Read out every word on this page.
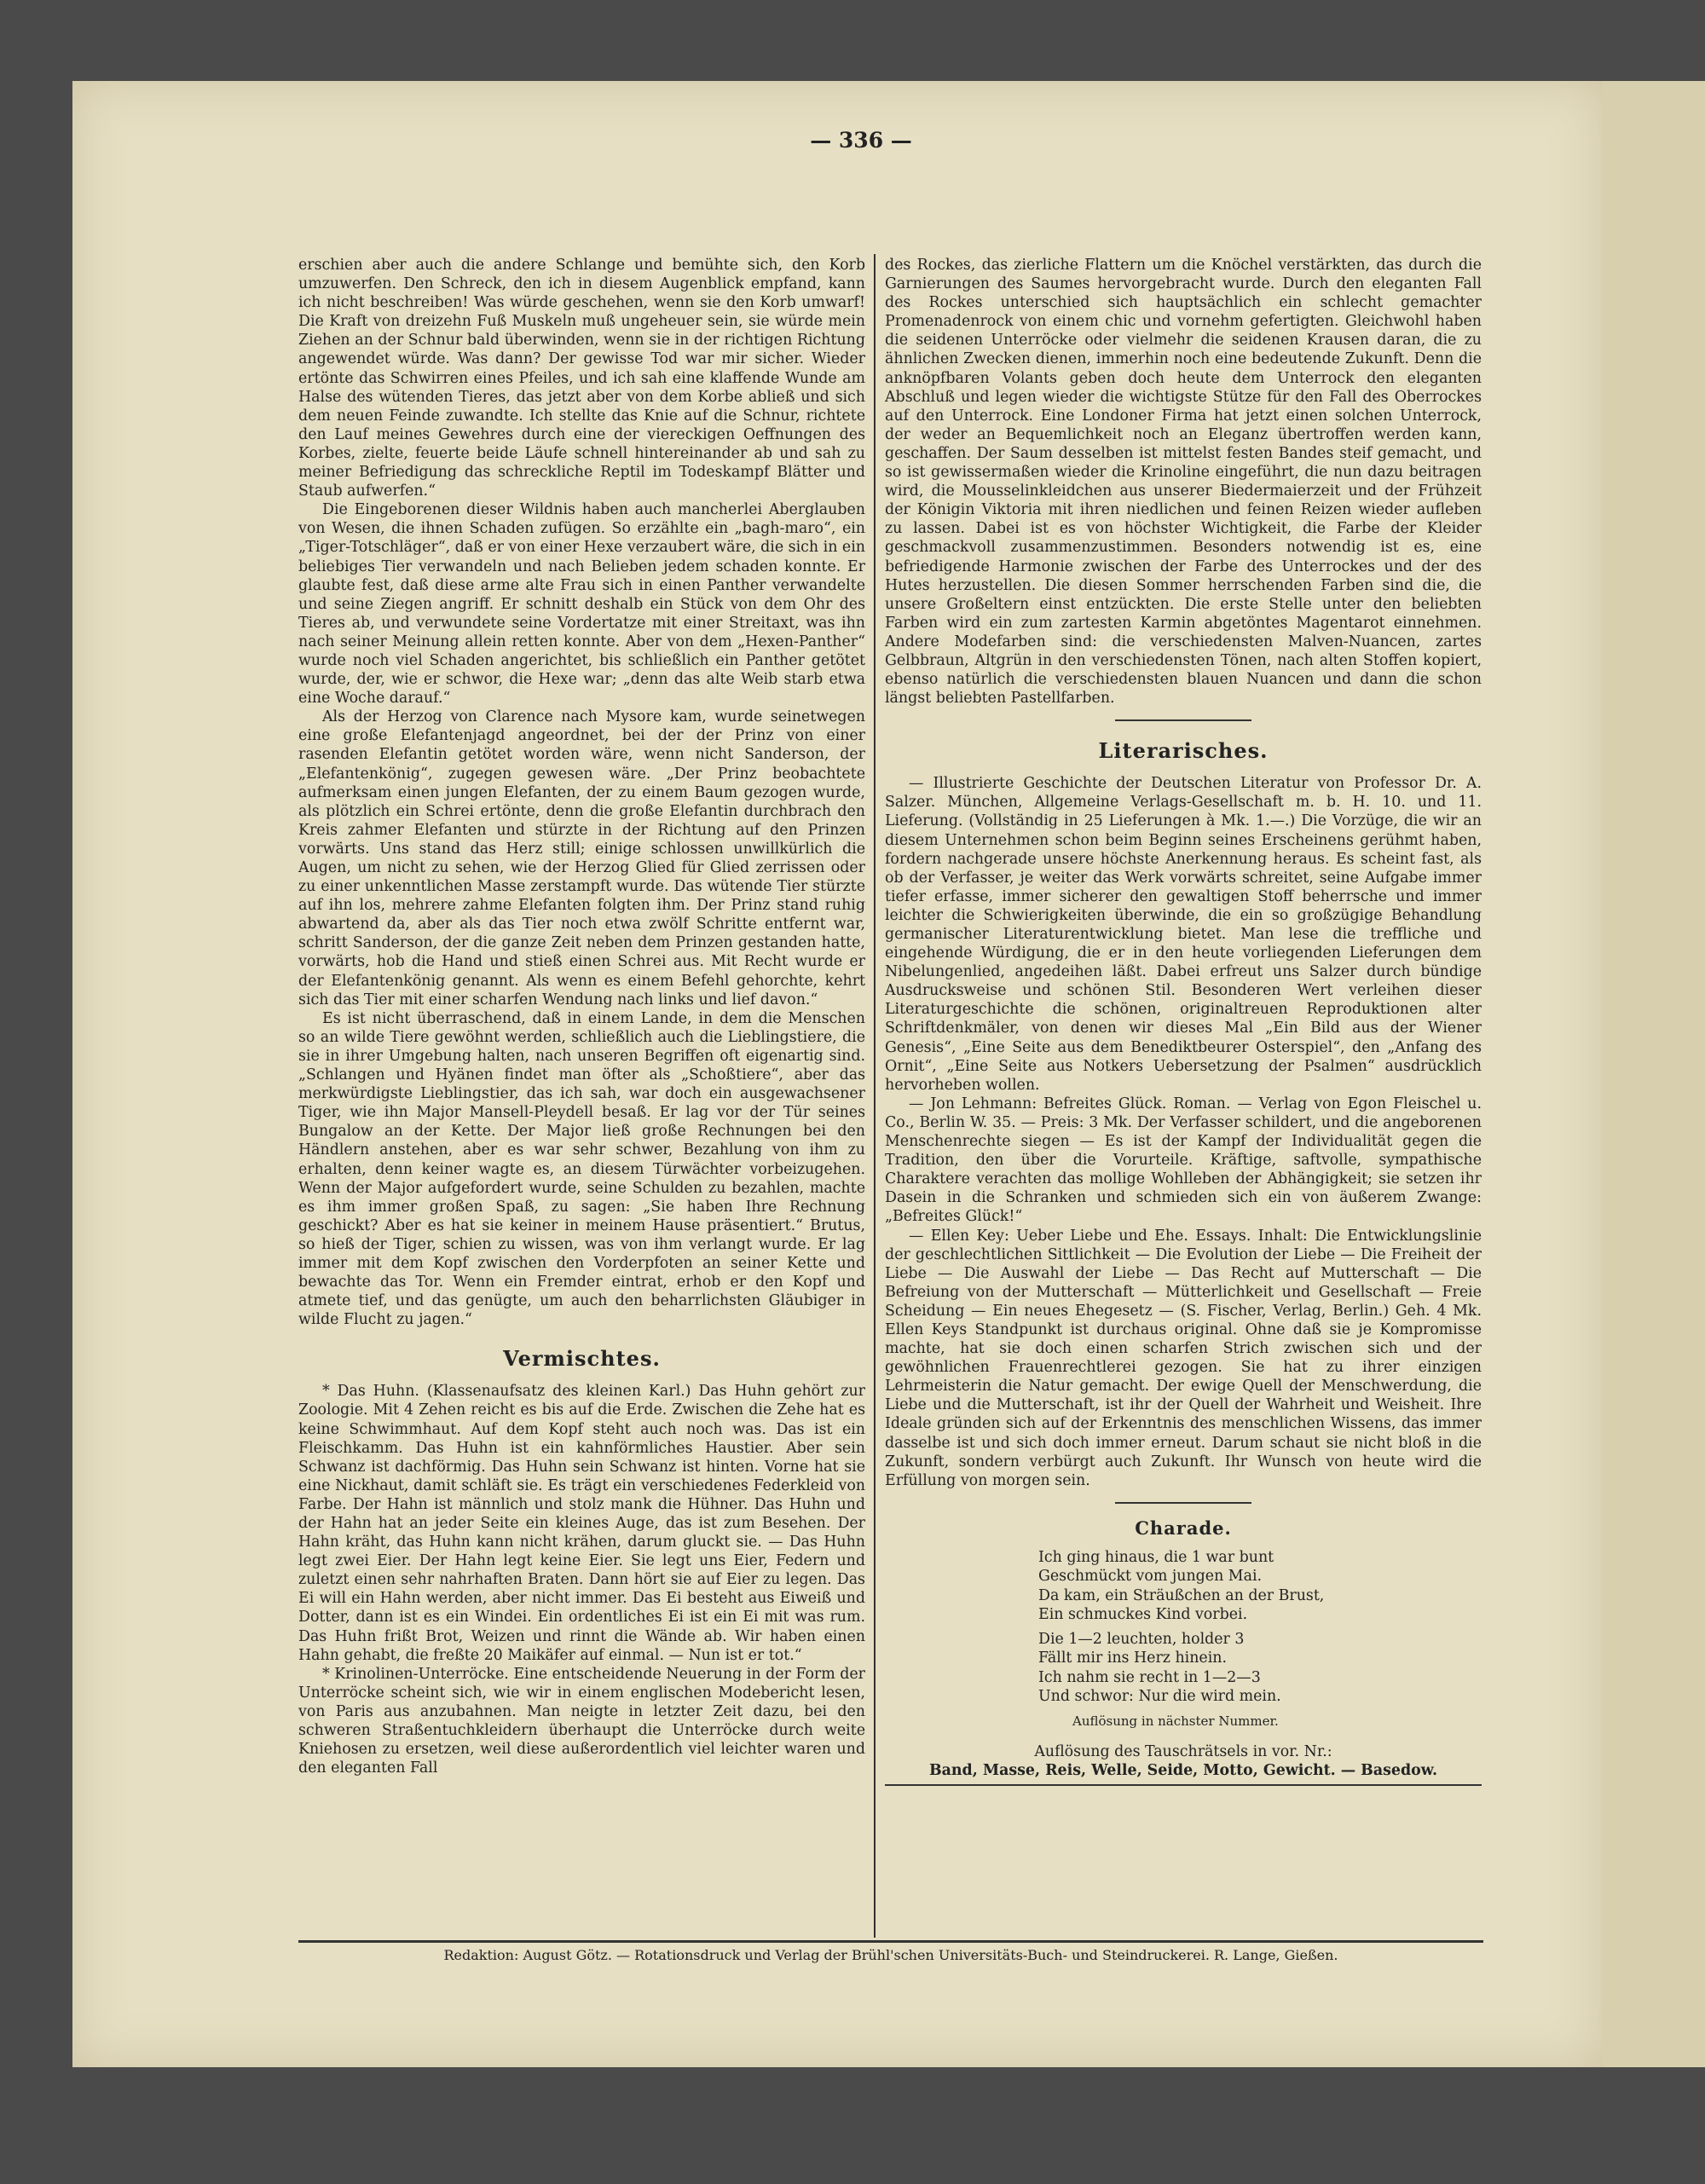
— 336 —

erschien aber auch die andere Schlange und bemühte sich, den Korb umzuwerfen. Den Schreck, den ich in diesem Augenblick empfand, kann ich nicht beschreiben! Was würde geschehen, wenn sie den Korb umwarf! Die Kraft von dreizehn Fuß Muskeln muß ungeheuer sein, sie würde mein Ziehen an der Schnur bald überwinden, wenn sie in der richtigen Richtung angewendet würde. Was dann? Der gewisse Tod war mir sicher. Wieder ertönte das Schwirren eines Pfeiles, und ich sah eine klaffende Wunde am Halse des wütenden Tieres, das jetzt aber von dem Korbe abließ und sich dem neuen Feinde zuwandte. Ich stellte das Knie auf die Schnur, richtete den Lauf meines Gewehres durch eine der viereckigen Oeffnungen des Korbes, zielte, feuerte beide Läufe schnell hintereinander ab und sah zu meiner Befriedigung das schreckliche Reptil im Todeskampf Blätter und Staub aufwerfen.“

Die Eingeborenen dieser Wildnis haben auch mancherlei Aberglauben von Wesen, die ihnen Schaden zufügen. So erzählte ein „bagh-maro“, ein „Tiger-Totschläger“, daß er von einer Hexe verzaubert wäre, die sich in ein beliebiges Tier verwandeln und nach Belieben jedem schaden konnte. Er glaubte fest, daß diese arme alte Frau sich in einen Panther verwandelte und seine Ziegen angriff. Er schnitt deshalb ein Stück von dem Ohr des Tieres ab, und verwundete seine Vordertatze mit einer Streitaxt, was ihn nach seiner Meinung allein retten konnte. Aber von dem „Hexen-Panther“ wurde noch viel Schaden angerichtet, bis schließlich ein Panther getötet wurde, der, wie er schwor, die Hexe war; „denn das alte Weib starb etwa eine Woche darauf.“

Als der Herzog von Clarence nach Mysore kam, wurde seinetwegen eine große Elefantenjagd angeordnet, bei der der Prinz von einer rasenden Elefantin getötet worden wäre, wenn nicht Sanderson, der „Elefantenkönig“, zugegen gewesen wäre. „Der Prinz beobachtete aufmerksam einen jungen Elefanten, der zu einem Baum gezogen wurde, als plötzlich ein Schrei ertönte, denn die große Elefantin durchbrach den Kreis zahmer Elefanten und stürzte in der Richtung auf den Prinzen vorwärts. Uns stand das Herz still; einige schlossen unwillkürlich die Augen, um nicht zu sehen, wie der Herzog Glied für Glied zerrissen oder zu einer unkenntlichen Masse zerstampft wurde. Das wütende Tier stürzte auf ihn los, mehrere zahme Elefanten folgten ihm. Der Prinz stand ruhig abwartend da, aber als das Tier noch etwa zwölf Schritte entfernt war, schritt Sanderson, der die ganze Zeit neben dem Prinzen gestanden hatte, vorwärts, hob die Hand und stieß einen Schrei aus. Mit Recht wurde er der Elefantenkönig genannt. Als wenn es einem Befehl gehorchte, kehrt sich das Tier mit einer scharfen Wendung nach links und lief davon.“

Es ist nicht überraschend, daß in einem Lande, in dem die Menschen so an wilde Tiere gewöhnt werden, schließlich auch die Lieblingstiere, die sie in ihrer Umgebung halten, nach unseren Begriffen oft eigenartig sind. „Schlangen und Hyänen findet man öfter als „Schoßtiere“, aber das merkwürdigste Lieblingstier, das ich sah, war doch ein ausgewachsener Tiger, wie ihn Major Mansell-Pleydell besaß. Er lag vor der Tür seines Bungalow an der Kette. Der Major ließ große Rechnungen bei den Händlern anstehen, aber es war sehr schwer, Bezahlung von ihm zu erhalten, denn keiner wagte es, an diesem Türwächter vorbeizugehen. Wenn der Major aufgefordert wurde, seine Schulden zu bezahlen, machte es ihm immer großen Spaß, zu sagen: „Sie haben Ihre Rechnung geschickt? Aber es hat sie keiner in meinem Hause präsentiert.“ Brutus, so hieß der Tiger, schien zu wissen, was von ihm verlangt wurde. Er lag immer mit dem Kopf zwischen den Vorderpfoten an seiner Kette und bewachte das Tor. Wenn ein Fremder eintrat, erhob er den Kopf und atmete tief, und das genügte, um auch den beharrlichsten Gläubiger in wilde Flucht zu jagen.“

Vermischtes.

* Das Huhn. (Klassenaufsatz des kleinen Karl.) Das Huhn gehört zur Zoologie. Mit 4 Zehen reicht es bis auf die Erde. Zwischen die Zehe hat es keine Schwimmhaut. Auf dem Kopf steht auch noch was. Das ist ein Fleischkamm. Das Huhn ist ein kahnförmliches Haustier. Aber sein Schwanz ist dachförmig. Das Huhn sein Schwanz ist hinten. Vorne hat sie eine Nickhaut, damit schläft sie. Es trägt ein verschiedenes Federkleid von Farbe. Der Hahn ist männlich und stolz mank die Hühner. Das Huhn und der Hahn hat an jeder Seite ein kleines Auge, das ist zum Besehen. Der Hahn kräht, das Huhn kann nicht krähen, darum gluckt sie. — Das Huhn legt zwei Eier. Der Hahn legt keine Eier. Sie legt uns Eier, Federn und zuletzt einen sehr nahrhaften Braten. Dann hört sie auf Eier zu legen. Das Ei will ein Hahn werden, aber nicht immer. Das Ei besteht aus Eiweiß und Dotter, dann ist es ein Windei. Ein ordentliches Ei ist ein Ei mit was rum. Das Huhn frißt Brot, Weizen und rinnt die Wände ab. Wir haben einen Hahn gehabt, die freßte 20 Maikäfer auf einmal. — Nun ist er tot.“

* Krinolinen-Unterröcke. Eine entscheidende Neuerung in der Form der Unterröcke scheint sich, wie wir in einem englischen Modebericht lesen, von Paris aus anzubahnen. Man neigte in letzter Zeit dazu, bei den schweren Straßentuchkleidern überhaupt die Unterröcke durch weite Kniehosen zu ersetzen, weil diese außerordentlich viel leichter waren und den eleganten Fall

des Rockes, das zierliche Flattern um die Knöchel verstärkten, das durch die Garnierungen des Saumes hervorgebracht wurde. Durch den eleganten Fall des Rockes unterschied sich hauptsächlich ein schlecht gemachter Promenadenrock von einem chic und vornehm gefertigten. Gleichwohl haben die seidenen Unterröcke oder vielmehr die seidenen Krausen daran, die zu ähnlichen Zwecken dienen, immerhin noch eine bedeutende Zukunft. Denn die anknöpfbaren Volants geben doch heute dem Unterrock den eleganten Abschluß und legen wieder die wichtigste Stütze für den Fall des Oberrockes auf den Unterrock. Eine Londoner Firma hat jetzt einen solchen Unterrock, der weder an Bequemlichkeit noch an Eleganz übertroffen werden kann, geschaffen. Der Saum desselben ist mittelst festen Bandes steif gemacht, und so ist gewissermaßen wieder die Krinoline eingeführt, die nun dazu beitragen wird, die Mousselinkleidchen aus unserer Biedermaierzeit und der Frühzeit der Königin Viktoria mit ihren niedlichen und feinen Reizen wieder aufleben zu lassen. Dabei ist es von höchster Wichtigkeit, die Farbe der Kleider geschmackvoll zusammenzustimmen. Besonders notwendig ist es, eine befriedigende Harmonie zwischen der Farbe des Unterrockes und der des Hutes herzustellen. Die diesen Sommer herrschenden Farben sind die, die unsere Großeltern einst entzückten. Die erste Stelle unter den beliebten Farben wird ein zum zartesten Karmin abgetöntes Magentarot einnehmen. Andere Modefarben sind: die verschiedensten Malven-Nuancen, zartes Gelbbraun, Altgrün in den verschiedensten Tönen, nach alten Stoffen kopiert, ebenso natürlich die verschiedensten blauen Nuancen und dann die schon längst beliebten Pastellfarben.

Literarisches.

— Illustrierte Geschichte der Deutschen Literatur von Professor Dr. A. Salzer. München, Allgemeine Verlags-Gesellschaft m. b. H. 10. und 11. Lieferung. (Vollständig in 25 Lieferungen à Mk. 1.—.) Die Vorzüge, die wir an diesem Unternehmen schon beim Beginn seines Erscheinens gerühmt haben, fordern nachgerade unsere höchste Anerkennung heraus. Es scheint fast, als ob der Verfasser, je weiter das Werk vorwärts schreitet, seine Aufgabe immer tiefer erfasse, immer sicherer den gewaltigen Stoff beherrsche und immer leichter die Schwierigkeiten überwinde, die ein so großzügige Behandlung germanischer Literaturentwicklung bietet. Man lese die treffliche und eingehende Würdigung, die er in den heute vorliegenden Lieferungen dem Nibelungenlied, angedeihen läßt. Dabei erfreut uns Salzer durch bündige Ausdrucksweise und schönen Stil. Besonderen Wert verleihen dieser Literaturgeschichte die schönen, originaltreuen Reproduktionen alter Schriftdenkmäler, von denen wir dieses Mal „Ein Bild aus der Wiener Genesis“, „Eine Seite aus dem Benediktbeurer Osterspiel“, den „Anfang des Ornit“, „Eine Seite aus Notkers Uebersetzung der Psalmen“ ausdrücklich hervorheben wollen.

— Jon Lehmann: Befreites Glück. Roman. — Verlag von Egon Fleischel u. Co., Berlin W. 35. — Preis: 3 Mk. Der Verfasser schildert, und die angeborenen Menschenrechte siegen — Es ist der Kampf der Individualität gegen die Tradition, den über die Vorurteile. Kräftige, saftvolle, sympathische Charaktere verachten das mollige Wohlleben der Abhängigkeit; sie setzen ihr Dasein in die Schranken und schmieden sich ein von äußerem Zwange: „Befreites Glück!“

— Ellen Key: Ueber Liebe und Ehe. Essays. Inhalt: Die Entwicklungslinie der geschlechtlichen Sittlichkeit — Die Evolution der Liebe — Die Freiheit der Liebe — Die Auswahl der Liebe — Das Recht auf Mutterschaft — Die Befreiung von der Mutterschaft — Mütterlichkeit und Gesellschaft — Freie Scheidung — Ein neues Ehegesetz — (S. Fischer, Verlag, Berlin.) Geh. 4 Mk. Ellen Keys Standpunkt ist durchaus original. Ohne daß sie je Kompromisse machte, hat sie doch einen scharfen Strich zwischen sich und der gewöhnlichen Frauenrechtlerei gezogen. Sie hat zu ihrer einzigen Lehrmeisterin die Natur gemacht. Der ewige Quell der Menschwerdung, die Liebe und die Mutterschaft, ist ihr der Quell der Wahrheit und Weisheit. Ihre Ideale gründen sich auf der Erkenntnis des menschlichen Wissens, das immer dasselbe ist und sich doch immer erneut. Darum schaut sie nicht bloß in die Zukunft, sondern verbürgt auch Zukunft. Ihr Wunsch von heute wird die Erfüllung von morgen sein.

Charade.
Ich ging hinaus, die 1 war bunt
Geschmückt vom jungen Mai.
Da kam, ein Sträußchen an der Brust,
Ein schmuckes Kind vorbei.
Die 1—2 leuchten, holder 3
Fällt mir ins Herz hinein.
Ich nahm sie recht in 1—2—3
Und schwor: Nur die wird mein.
Auflösung in nächster Nummer.
Auflösung des Tauschrätsels in vor. Nr.:
Band, Masse, Reis, Welle, Seide, Motto, Gewicht. — Basedow.
Redaktion: August Götz. — Rotationsdruck und Verlag der Brühl'schen Universitäts-Buch- und Steindruckerei. R. Lange, Gießen.
